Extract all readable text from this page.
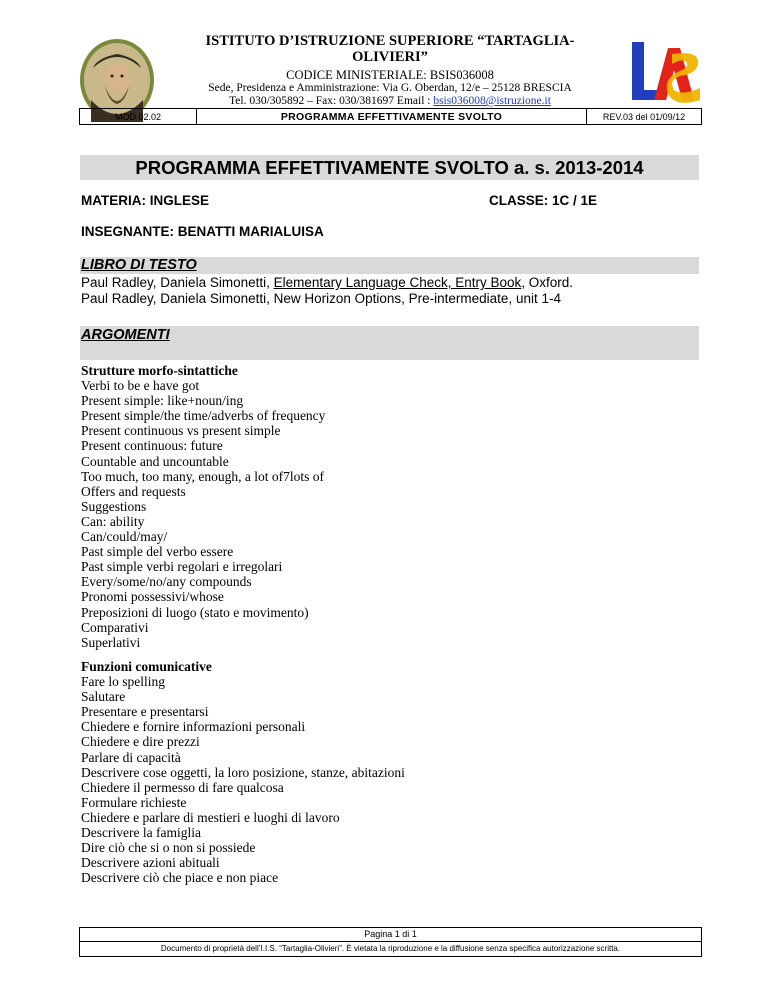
LAS
ISTITUTO D’ISTRUZIONE SUPERIORE “TARTAGLIA-OLIVIERI”
CODICE MINISTERIALE: BSIS036008
Sede, Presidenza e Amministrazione: Via G. Oberdan, 12/e – 25128 BRESCIA
Tel. 030/305892 – Fax: 030/381697 Email : bsis036008@istruzione.it
MOD 02.02	PROGRAMMA EFFETTIVAMENTE SVOLTO	REV.03 del 01/09/12
PROGRAMMA EFFETTIVAMENTE SVOLTO a. s. 2013-2014
MATERIA: INGLESE	CLASSE: 1C / 1E
INSEGNANTE: BENATTI MARIALUISA
LIBRO DI TESTO
Paul Radley, Daniela Simonetti, Elementary Language Check, Entry Book, Oxford.
Paul Radley, Daniela Simonetti, New Horizon Options, Pre-intermediate, unit 1-4
ARGOMENTI
Strutture morfo-sintattiche
Verbi to be e have got
Present simple: like+noun/ing
Present simple/the time/adverbs of frequency
Present continuous vs present simple
Present continuous: future
Countable and uncountable
Too much, too many, enough, a lot of7lots of
Offers and requests
Suggestions
Can: ability
Can/could/may/
Past simple del verbo essere
Past simple verbi regolari e irregolari
Every/some/no/any compounds
Pronomi possessivi/whose
Preposizioni di luogo (stato e movimento)
Comparativi
Superlativi
Funzioni comunicative
Fare lo spelling
Salutare
Presentare e presentarsi
Chiedere e fornire informazioni personali
Chiedere e dire prezzi
Parlare di capacità
Descrivere cose oggetti, la loro posizione, stanze, abitazioni
Chiedere il permesso di fare qualcosa
Formulare richieste
Chiedere e parlare di mestieri e luoghi di lavoro
Descrivere la famiglia
Dire ciò che si o non si possiede
Descrivere azioni abituali
Descrivere ciò che piace e non piace
Pagina 1 di 1
Documento di proprietà dell’I.I.S. “Tartaglia-Olivieri”. È vietata la riproduzione e la diffusione senza specifica autorizzazione scritta.
